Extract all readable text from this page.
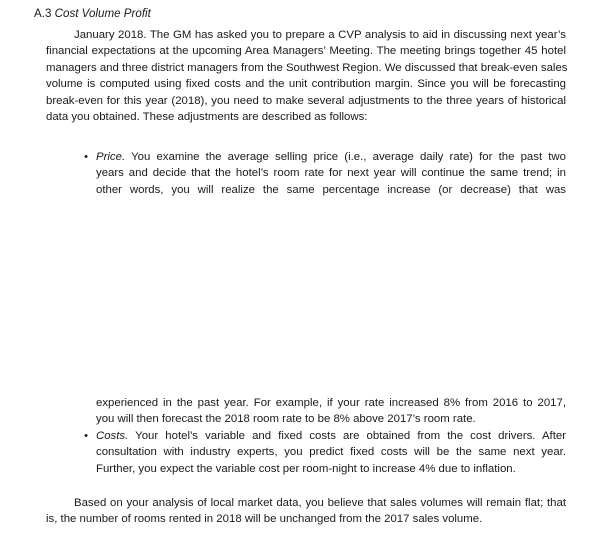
A.3 Cost Volume Profit
January 2018. The GM has asked you to prepare a CVP analysis to aid in discussing next year’s
financial expectations at the upcoming Area Managers’ Meeting. The meeting brings together 45 hotel
managers and three district managers from the Southwest Region. We discussed that break-even sales
volume is computed using fixed costs and the unit contribution margin. Since you will be forecasting
break-even for this year (2018), you need to make several adjustments to the three years of historical
data you obtained. These adjustments are described as follows:
• Price. You examine the average selling price (i.e., average daily rate) for the past two
years and decide that the hotel’s room rate for next year will continue the same trend; in
other words, you will realize the same percentage increase (or decrease) that was
experienced in the past year. For example, if your rate increased 8% from 2016 to 2017,
you will then forecast the 2018 room rate to be 8% above 2017’s room rate.
• Costs. Your hotel’s variable and fixed costs are obtained from the cost drivers. After
consultation with industry experts, you predict fixed costs will be the same next year.
Further, you expect the variable cost per room-night to increase 4% due to inflation.
Based on your analysis of local market data, you believe that sales volumes will remain flat; that
is, the number of rooms rented in 2018 will be unchanged from the 2017 sales volume.
